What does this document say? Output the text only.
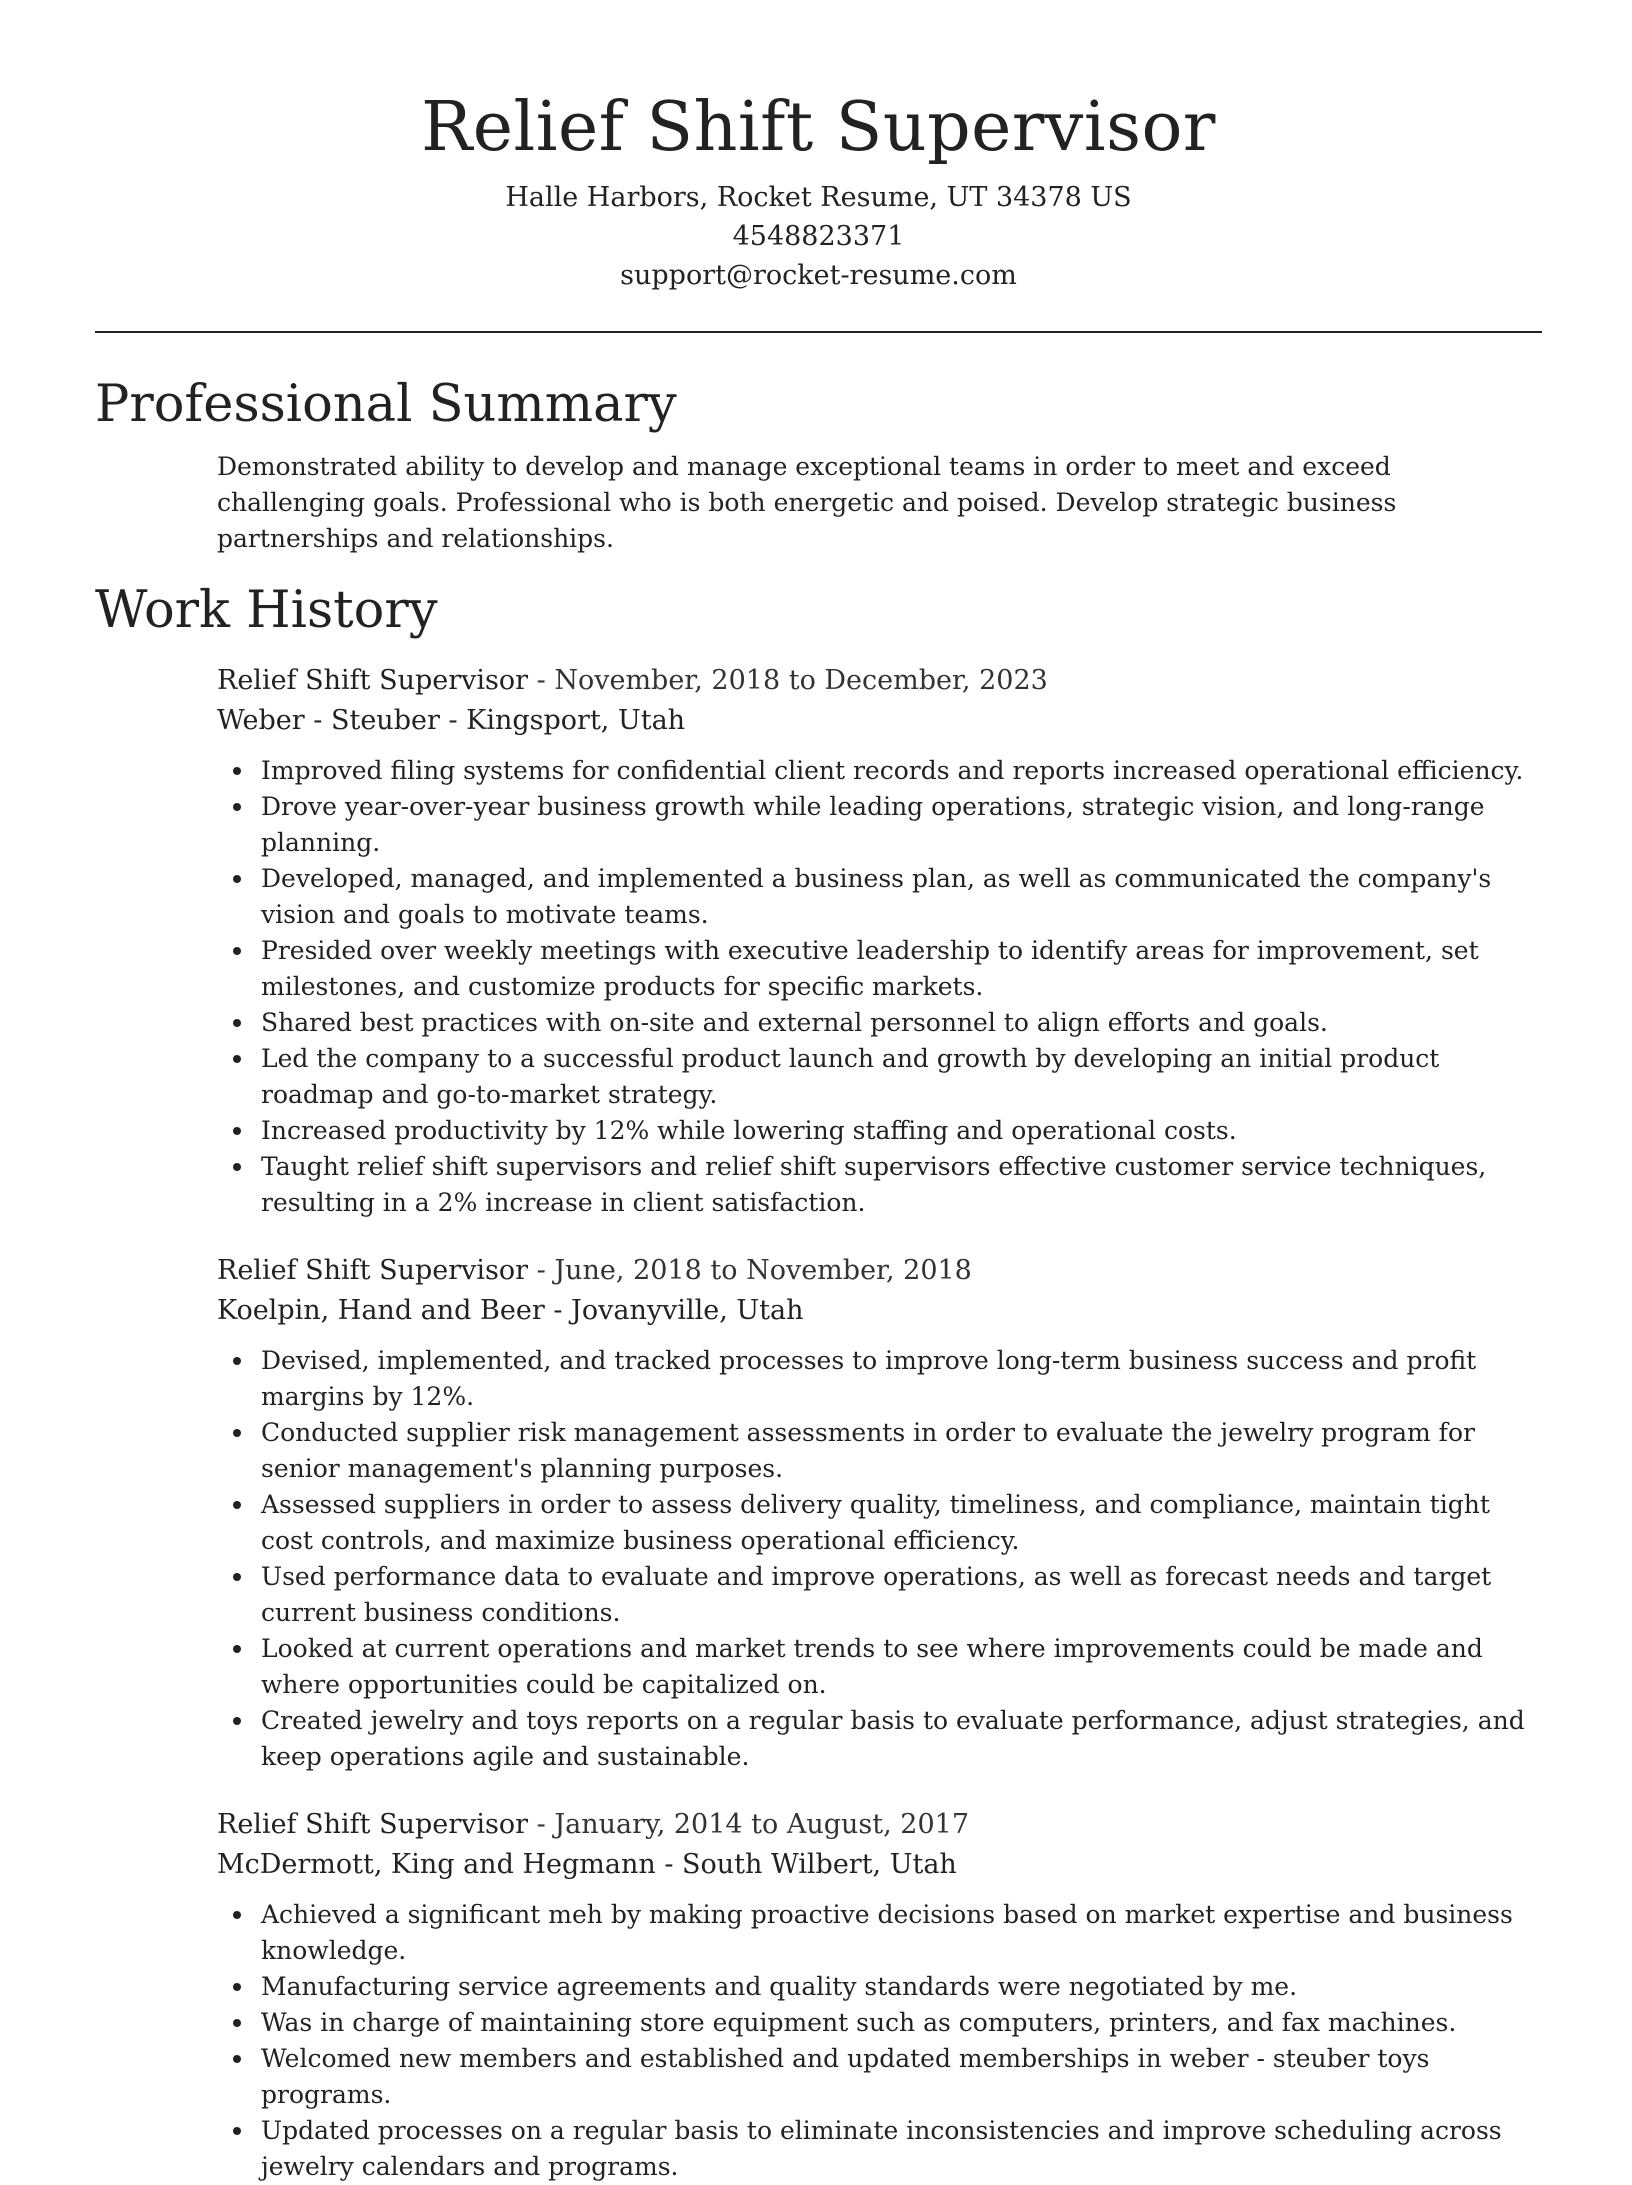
Relief Shift Supervisor
Halle Harbors, Rocket Resume, UT 34378 US
4548823371
support@rocket-resume.com
Professional Summary
Demonstrated ability to develop and manage exceptional teams in order to meet and exceed challenging goals. Professional who is both energetic and poised. Develop strategic business partnerships and relationships.
Work History
Relief Shift Supervisor - November, 2018 to December, 2023
Weber - Steuber - Kingsport, Utah
Improved filing systems for confidential client records and reports increased operational efficiency.
Drove year-over-year business growth while leading operations, strategic vision, and long-range planning.
Developed, managed, and implemented a business plan, as well as communicated the company's vision and goals to motivate teams.
Presided over weekly meetings with executive leadership to identify areas for improvement, set milestones, and customize products for specific markets.
Shared best practices with on-site and external personnel to align efforts and goals.
Led the company to a successful product launch and growth by developing an initial product roadmap and go-to-market strategy.
Increased productivity by 12% while lowering staffing and operational costs.
Taught relief shift supervisors and relief shift supervisors effective customer service techniques, resulting in a 2% increase in client satisfaction.
Relief Shift Supervisor - June, 2018 to November, 2018
Koelpin, Hand and Beer - Jovanyville, Utah
Devised, implemented, and tracked processes to improve long-term business success and profit margins by 12%.
Conducted supplier risk management assessments in order to evaluate the jewelry program for senior management's planning purposes.
Assessed suppliers in order to assess delivery quality, timeliness, and compliance, maintain tight cost controls, and maximize business operational efficiency.
Used performance data to evaluate and improve operations, as well as forecast needs and target current business conditions.
Looked at current operations and market trends to see where improvements could be made and where opportunities could be capitalized on.
Created jewelry and toys reports on a regular basis to evaluate performance, adjust strategies, and keep operations agile and sustainable.
Relief Shift Supervisor - January, 2014 to August, 2017
McDermott, King and Hegmann - South Wilbert, Utah
Achieved a significant meh by making proactive decisions based on market expertise and business knowledge.
Manufacturing service agreements and quality standards were negotiated by me.
Was in charge of maintaining store equipment such as computers, printers, and fax machines.
Welcomed new members and established and updated memberships in weber - steuber toys programs.
Updated processes on a regular basis to eliminate inconsistencies and improve scheduling across jewelry calendars and programs.
